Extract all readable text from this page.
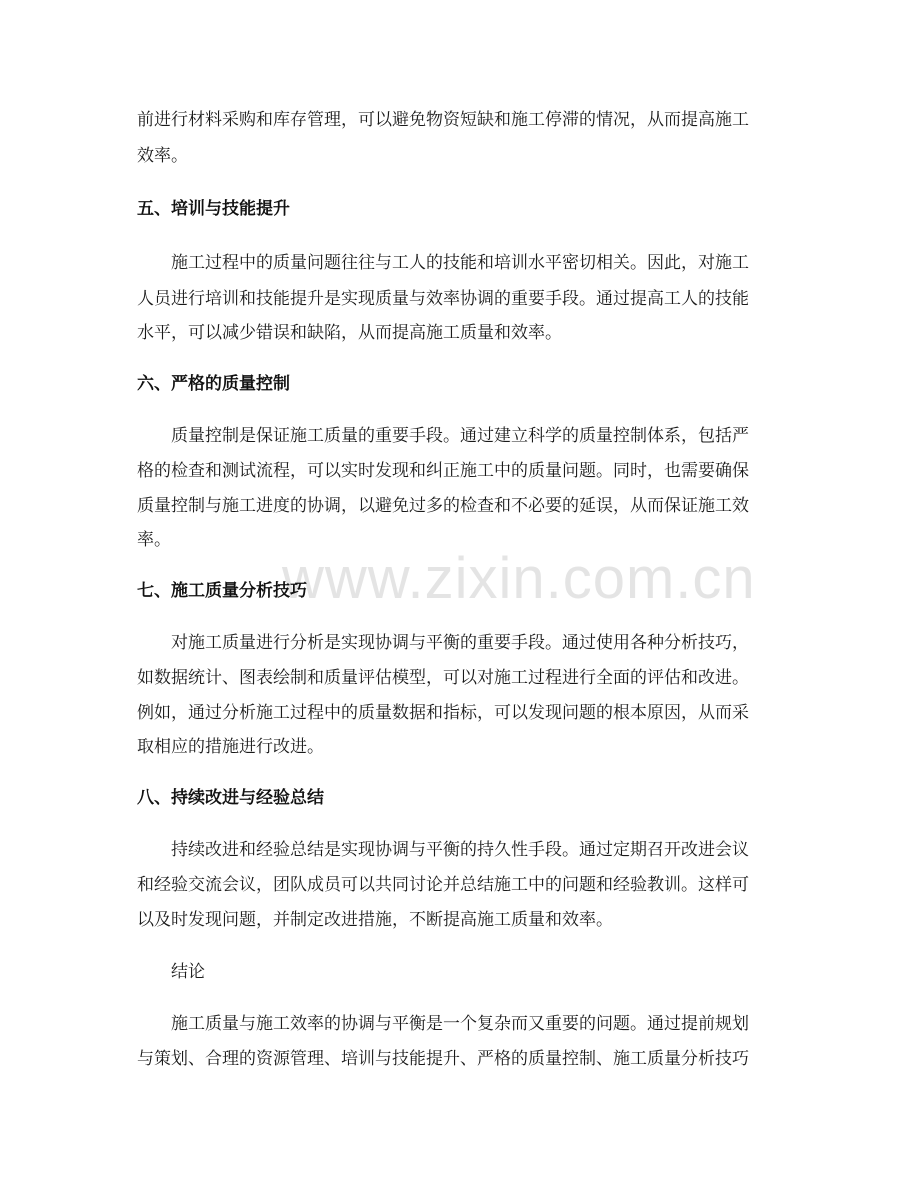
www.zixin.com.cn
前进行材料采购和库存管理，可以避免物资短缺和施工停滞的情况，从而提高施工
效率。
五、培训与技能提升
施工过程中的质量问题往往与工人的技能和培训水平密切相关。因此，对施工
人员进行培训和技能提升是实现质量与效率协调的重要手段。通过提高工人的技能
水平，可以减少错误和缺陷，从而提高施工质量和效率。
六、严格的质量控制
质量控制是保证施工质量的重要手段。通过建立科学的质量控制体系，包括严
格的检查和测试流程，可以实时发现和纠正施工中的质量问题。同时，也需要确保
质量控制与施工进度的协调，以避免过多的检查和不必要的延误，从而保证施工效
率。
七、施工质量分析技巧
对施工质量进行分析是实现协调与平衡的重要手段。通过使用各种分析技巧，
如数据统计、图表绘制和质量评估模型，可以对施工过程进行全面的评估和改进。
例如，通过分析施工过程中的质量数据和指标，可以发现问题的根本原因，从而采
取相应的措施进行改进。
八、持续改进与经验总结
持续改进和经验总结是实现协调与平衡的持久性手段。通过定期召开改进会议
和经验交流会议，团队成员可以共同讨论并总结施工中的问题和经验教训。这样可
以及时发现问题，并制定改进措施，不断提高施工质量和效率。
结论
施工质量与施工效率的协调与平衡是一个复杂而又重要的问题。通过提前规划
与策划、合理的资源管理、培训与技能提升、严格的质量控制、施工质量分析技巧
